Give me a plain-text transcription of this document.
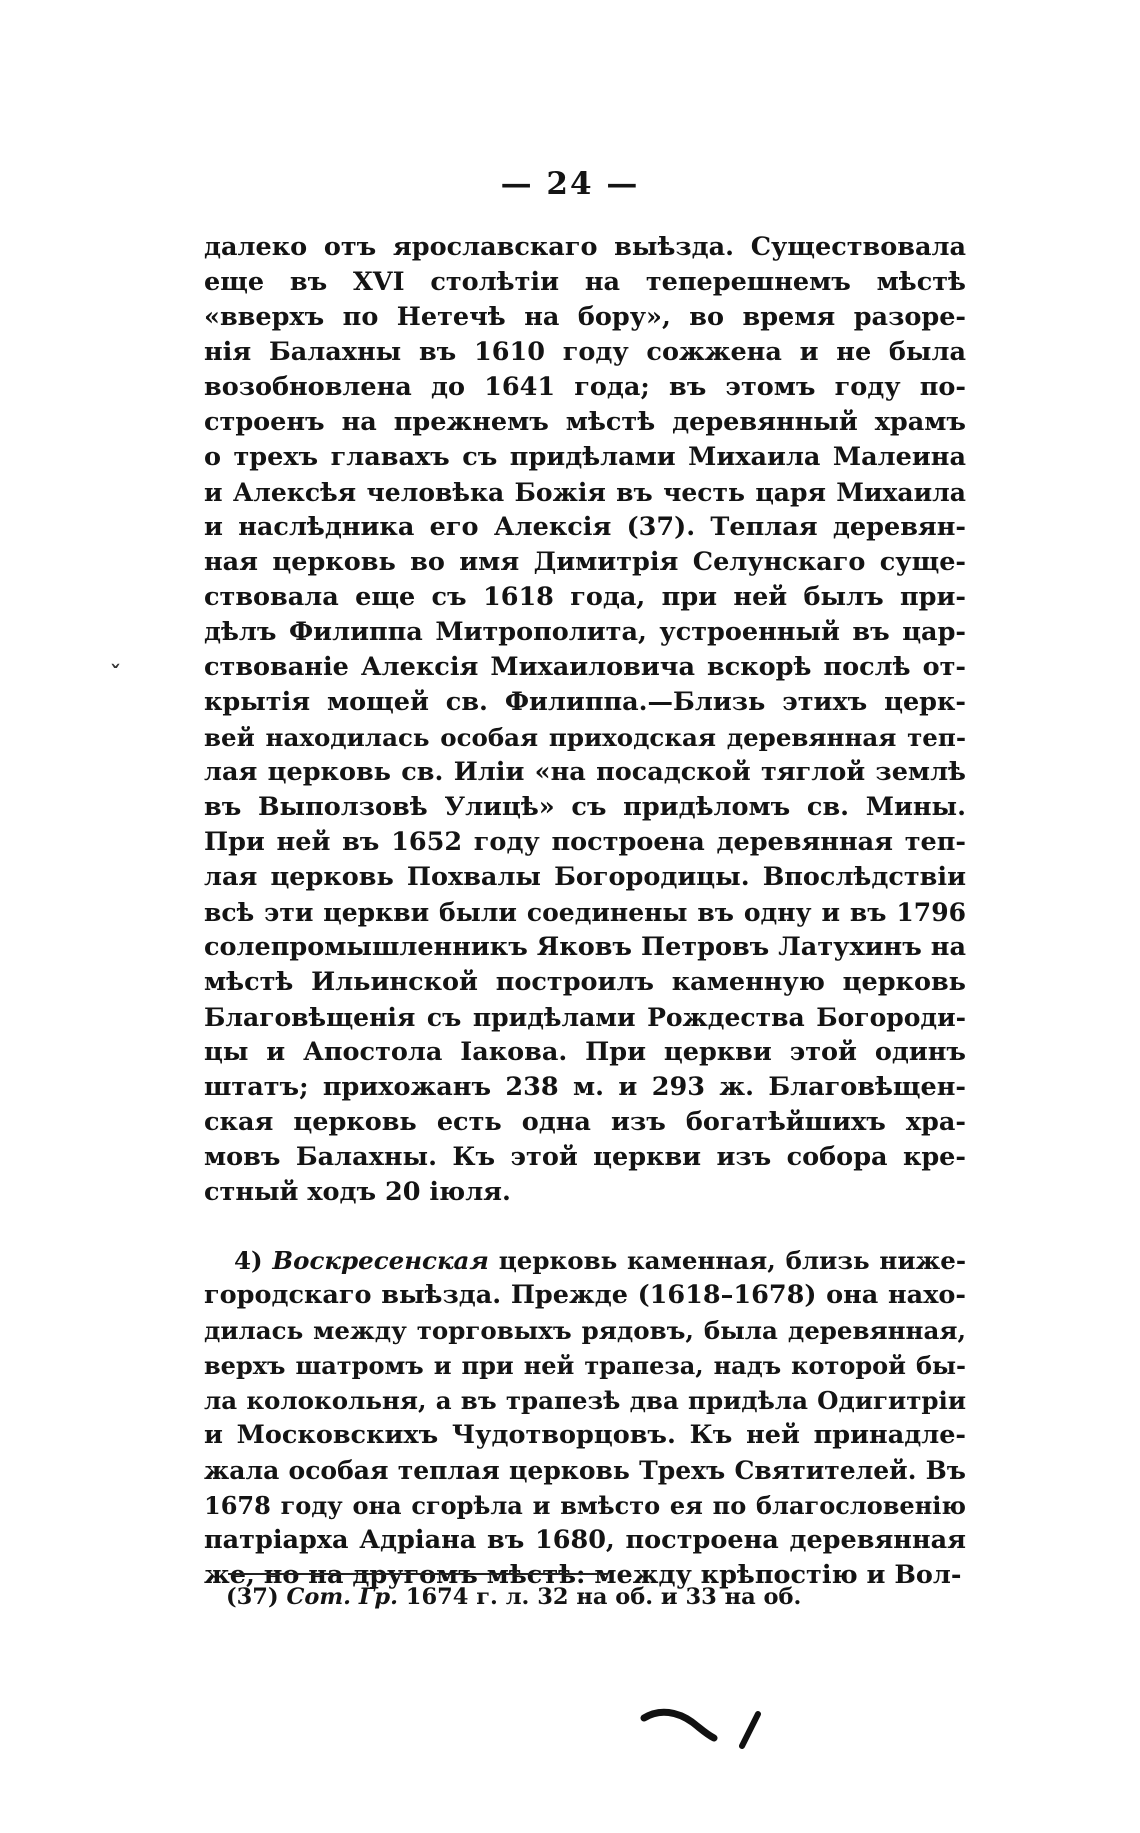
— 24 —
ˇ
далеко отъ ярославскаго выѣзда. Существовала
еще въ XVI столѣтіи на теперешнемъ мѣстѣ
«вверхъ по Нетечѣ на бору», во время разоре-
нія Балахны въ 1610 году сожжена и не была
возобновлена до 1641 года; въ этомъ году по-
строенъ на прежнемъ мѣстѣ деревянный храмъ
о трехъ главахъ съ придѣлами Михаила Малеина
и Алексѣя человѣка Божія въ честь царя Михаила
и наслѣдника его Алексія (37). Теплая деревян-
ная церковь во имя Димитрія Селунскаго суще-
ствовала еще съ 1618 года, при ней былъ при-
дѣлъ Филиппа Митрополита, устроенный въ цар-
ствованіе Алексія Михаиловича вскорѣ послѣ от-
крытія мощей св. Филиппа.—Близь этихъ церк-
вей находилась особая приходская деревянная теп-
лая церковь св. Иліи «на посадской тяглой землѣ
въ Выползовѣ Улицѣ» съ придѣломъ св. Мины.
При ней въ 1652 году построена деревянная теп-
лая церковь Похвалы Богородицы. Впослѣдствіи
всѣ эти церкви были соединены въ одну и въ 1796
солепромышленникъ Яковъ Петровъ Латухинъ на
мѣстѣ Ильинской построилъ каменную церковь
Благовѣщенія съ придѣлами Рождества Богороди-
цы и Апостола Іакова. При церкви этой одинъ
штатъ; прихожанъ 238 м. и 293 ж. Благовѣщен-
ская церковь есть одна изъ богатѣйшихъ хра-
мовъ Балахны. Къ этой церкви изъ собора кре-
стный ходъ 20 іюля.
4) Воскресенская церковь каменная, близь ниже-
городскаго выѣзда. Прежде (1618–1678) она нахо-
дилась между торговыхъ рядовъ, была деревянная,
верхъ шатромъ и при ней трапеза, надъ которой бы-
ла колокольня, а въ трапезѣ два придѣла Одигитріи
и Московскихъ Чудотворцовъ. Къ ней принадле-
жала особая теплая церковь Трехъ Святителей. Въ
1678 году она сгорѣла и вмѣсто ея по благословенію
патріарха Адріана въ 1680, построена деревянная
же, но на другомъ мѣстѣ: между крѣпостію и Вол-
(37) Сот. Гр. 1674 г. л. 32 на об. и 33 на об.
